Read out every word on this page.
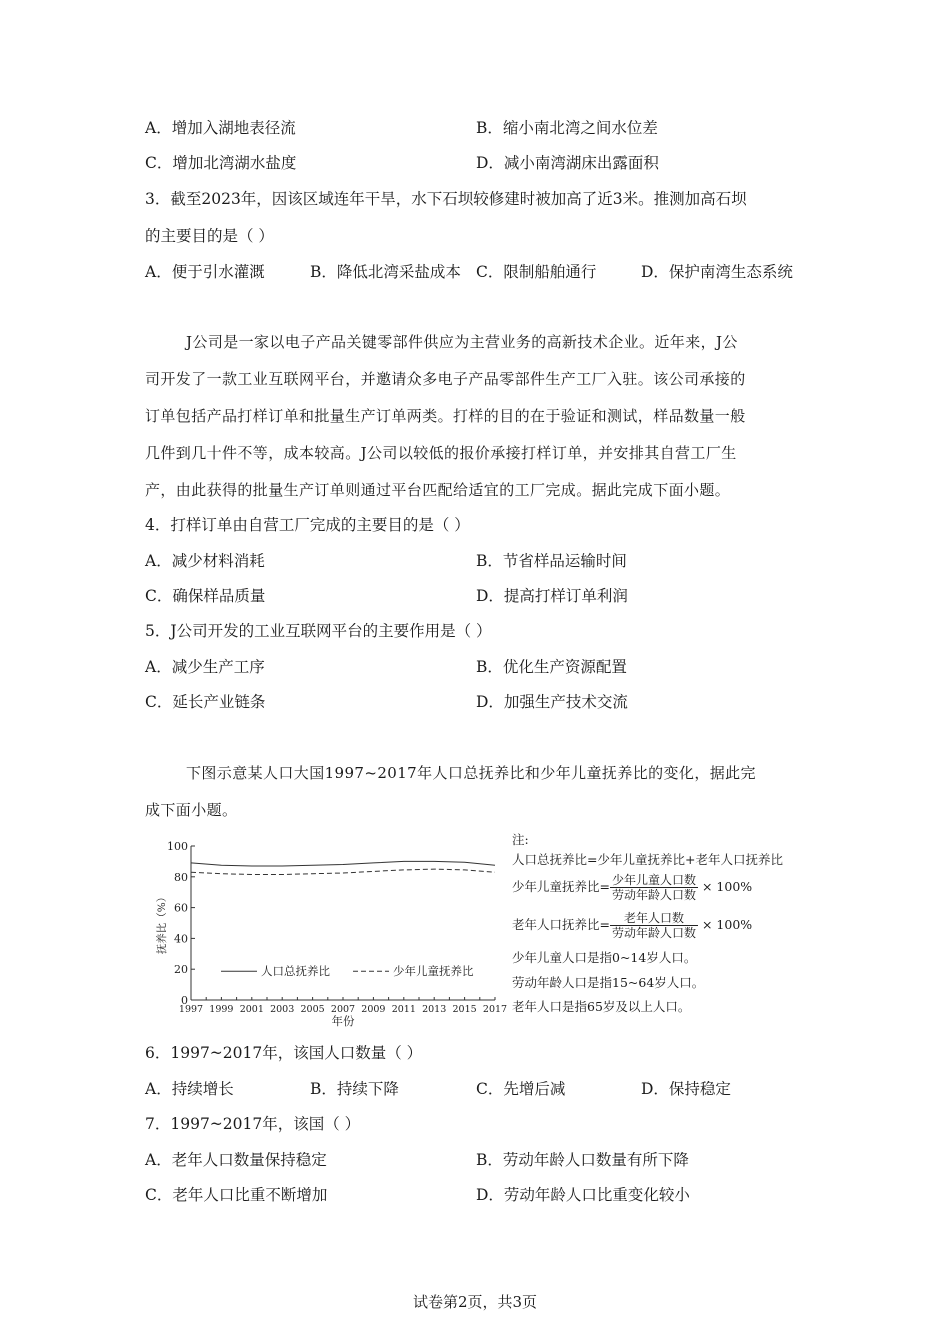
A．增加入湖地表径流	B．缩小南北湾之间水位差
C．增加北湾湖水盐度	D．减小南湾湖床出露面积
3．截至2023年，因该区域连年干旱，水下石坝较修建时被加高了近3米。推测加高石坝
的主要目的是（ ）
A．便于引水灌溉	B．降低北湾采盐成本 C．限制船舶通行	D．保护南湾生态系统
J公司是一家以电子产品关键零部件供应为主营业务的高新技术企业。近年来，J公
司开发了一款工业互联网平台，并邀请众多电子产品零部件生产工厂入驻。该公司承接的
订单包括产品打样订单和批量生产订单两类。打样的目的在于验证和测试，样品数量一般
几件到几十件不等，成本较高。J公司以较低的报价承接打样订单，并安排其自营工厂生
产，由此获得的批量生产订单则通过平台匹配给适宜的工厂完成。据此完成下面小题。
4．打样订单由自营工厂完成的主要目的是（ ）
A．减少材料消耗	B．节省样品运输时间
C．确保样品质量	D．提高打样订单利润
5．J公司开发的工业互联网平台的主要作用是（ ）
A．减少生产工序	B．优化生产资源配置
C．延长产业链条	D．加强生产技术交流
下图示意某人口大国1997~2017年人口总抚养比和少年儿童抚养比的变化，据此完
成下面小题。
年份
抚养比（%）
0
20
40
60
80
100
1997 1999 2001 2003 2005 2007 2009 2011 2013 2015 2017
人口总抚养比	少年儿童抚养比
注:
人口总抚养比=少年儿童抚养比+老年人口抚养比
少年儿童抚养比= $\frac{\text{少年儿童人口数}}{\text{劳动年龄人口数}} \times 100\%$
老年人口抚养比= $\frac{\text{老年人口数}}{\text{劳动年龄人口数}} \times 100\%$
少年儿童人口是指0~14岁人口。
劳动年龄人口是指15~64岁人口。
老年人口是指65岁及以上人口。
6．1997~2017年，该国人口数量（ ）
A．持续增长	B．持续下降	C．先增后减	D．保持稳定
7．1997~2017年，该国（ ）
A．老年人口数量保持稳定	B．劳动年龄人口数量有所下降
C．老年人口比重不断增加	D．劳动年龄人口比重变化较小
试卷第2页，共3页
